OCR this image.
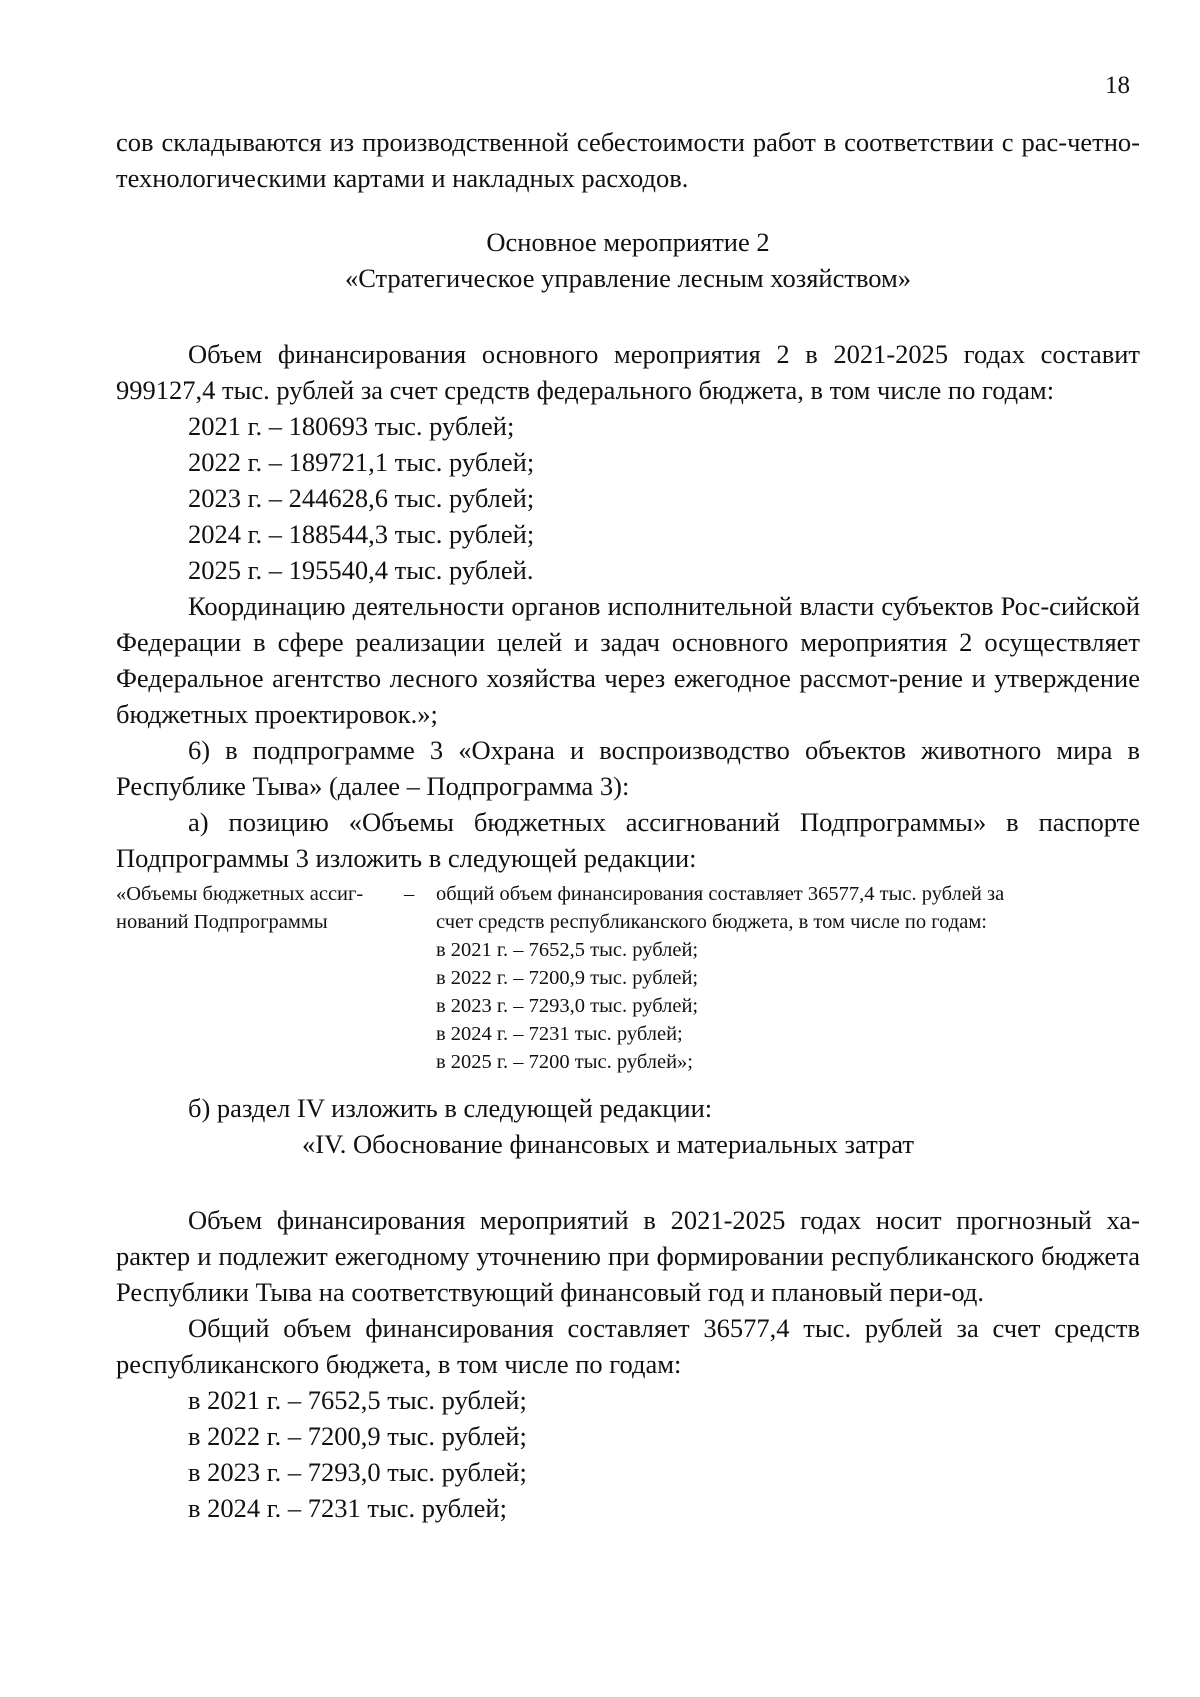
18

сов складываются из производственной себестоимости работ в соответствии с рас-четно-технологическими картами и накладных расходов.

Основное мероприятие 2

«Стратегическое управление лесным хозяйством»

Объем финансирования основного мероприятия 2 в 2021-2025 годах составит 999127,4 тыс. рублей за счет средств федерального бюджета, в том числе по годам:

2021 г. – 180693 тыс. рублей;

2022 г. – 189721,1 тыс. рублей;

2023 г. – 244628,6 тыс. рублей;

2024 г. – 188544,3 тыс. рублей;

2025 г. – 195540,4 тыс. рублей.

Координацию деятельности органов исполнительной власти субъектов Рос-сийской Федерации в сфере реализации целей и задач основного мероприятия 2 осуществляет Федеральное агентство лесного хозяйства через ежегодное рассмот-рение и утверждение бюджетных проектировок.»;

6) в подпрограмме 3 «Охрана и воспроизводство объектов животного мира в Республике Тыва» (далее – Подпрограмма 3):

а) позицию «Объемы бюджетных ассигнований Подпрограммы» в паспорте Подпрограммы 3 изложить в следующей редакции:

«Объемы бюджетных ассиг-нований Подпрограммы
–	общий объем финансирования составляет 36577,4 тыс. рублей за

счет средств республиканского бюджета, в том числе по годам:

в 2021 г. – 7652,5 тыс. рублей;

в 2022 г. – 7200,9 тыс. рублей;

в 2023 г. – 7293,0 тыс. рублей;

в 2024 г. – 7231 тыс. рублей;

в 2025 г. – 7200 тыс. рублей»;

б) раздел IV изложить в следующей редакции:

«IV. Обоснование финансовых и материальных затрат

Объем финансирования мероприятий в 2021-2025 годах носит прогнозный ха-рактер и подлежит ежегодному уточнению при формировании республиканского бюджета Республики Тыва на соответствующий финансовый год и плановый пери-од.

Общий объем финансирования составляет 36577,4 тыс. рублей за счет средств республиканского бюджета, в том числе по годам:

в 2021 г. – 7652,5 тыс. рублей;

в 2022 г. – 7200,9 тыс. рублей;

в 2023 г. – 7293,0 тыс. рублей;

в 2024 г. – 7231 тыс. рублей;
